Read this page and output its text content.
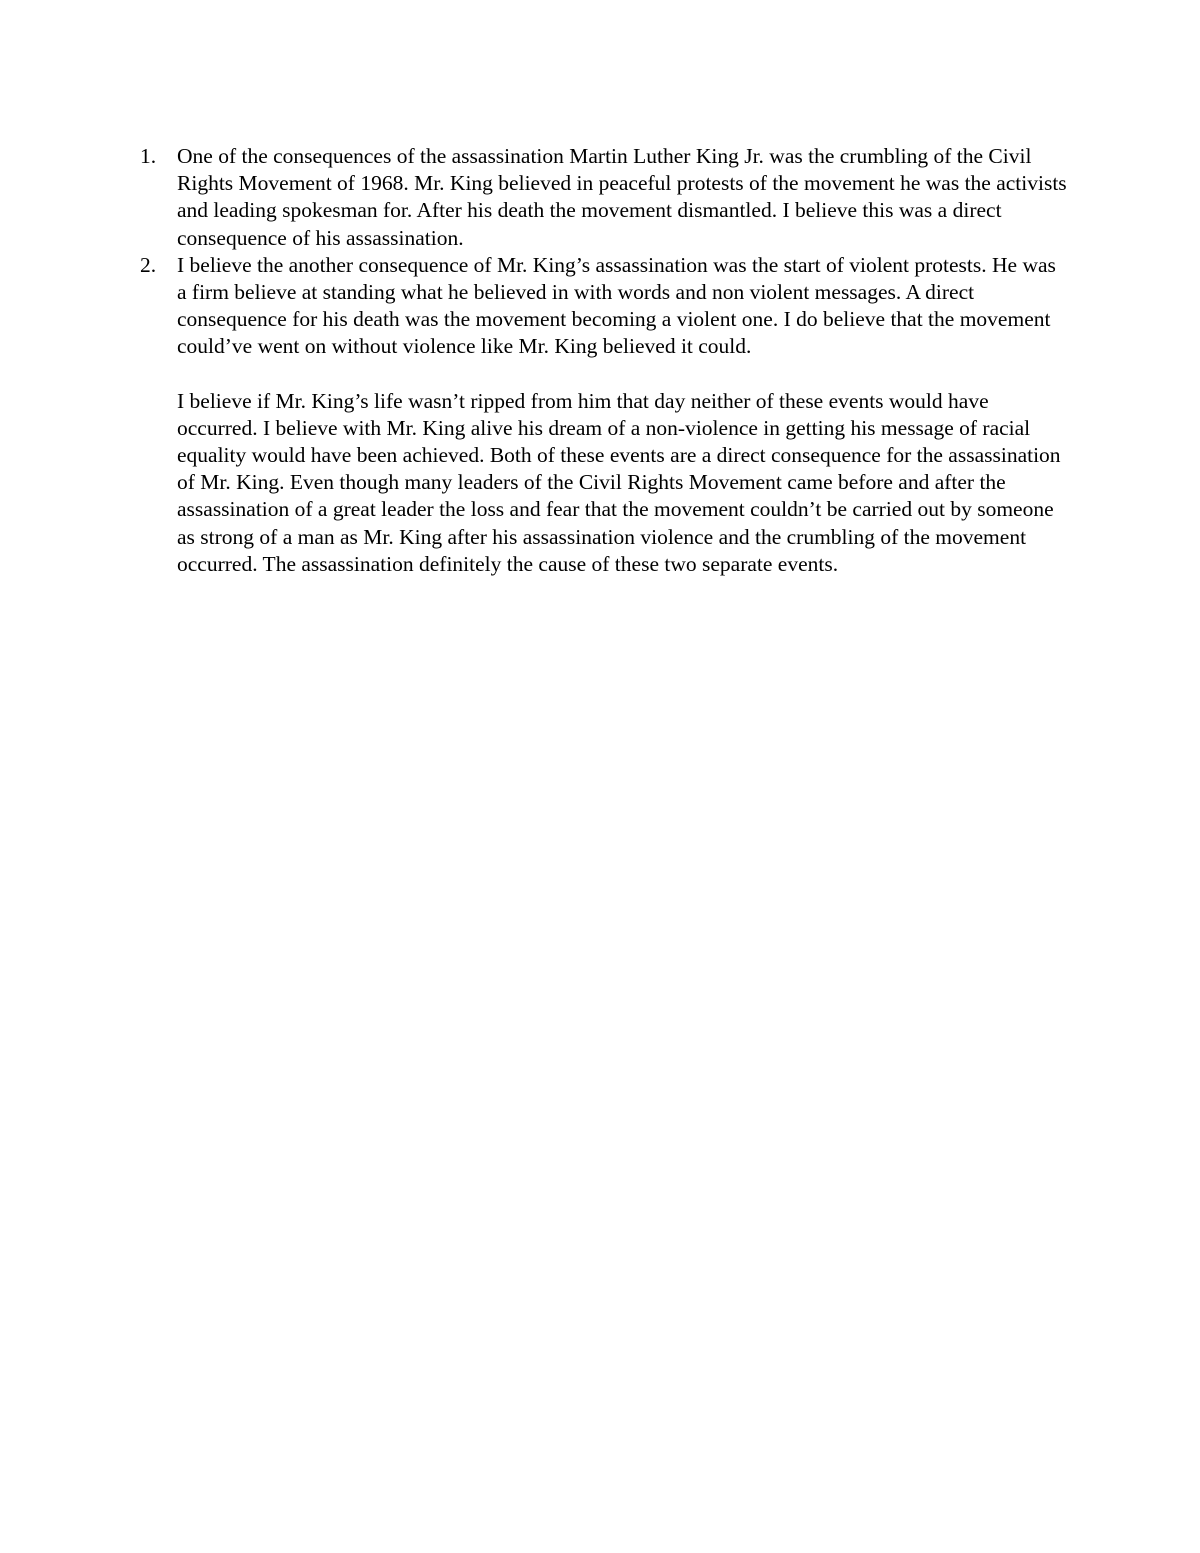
1. One of the consequences of the assassination Martin Luther King Jr. was the crumbling of the Civil Rights Movement of 1968. Mr. King believed in peaceful protests of the movement he was the activists and leading spokesman for. After his death the movement dismantled. I believe this was a direct consequence of his assassination.
2. I believe the another consequence of Mr. King’s assassination was the start of violent protests. He was a firm believe at standing what he believed in with words and non violent messages. A direct consequence for his death was the movement becoming a violent one. I do believe that the movement could’ve went on without violence like Mr. King believed it could.

I believe if Mr. King’s life wasn’t ripped from him that day neither of these events would have occurred. I believe with Mr. King alive his dream of a non-violence in getting his message of racial equality would have been achieved. Both of these events are a direct consequence for the assassination of Mr. King. Even though many leaders of the Civil Rights Movement came before and after the assassination of a great leader the loss and fear that the movement couldn’t be carried out by someone as strong of a man as Mr. King after his assassination violence and the crumbling of the movement occurred. The assassination definitely the cause of these two separate events.
